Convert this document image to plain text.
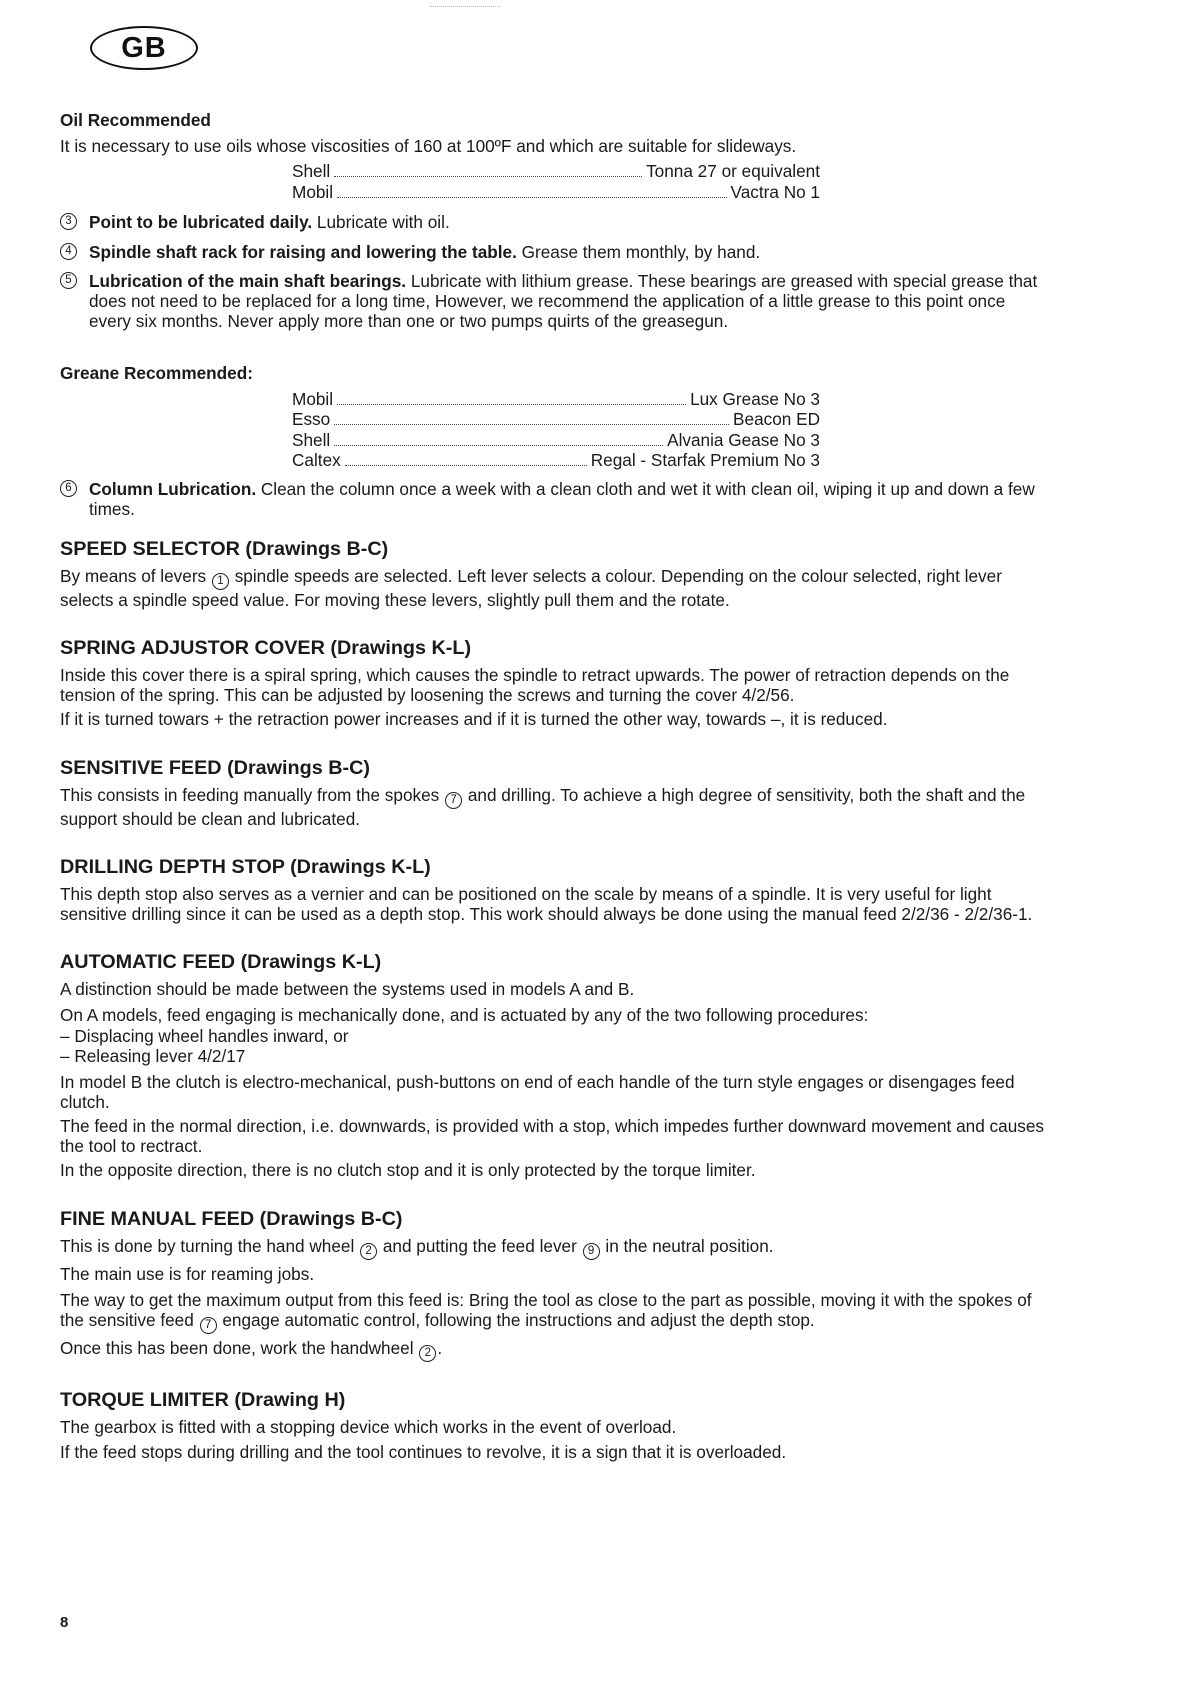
GB
Oil Recommended

It is necessary to use oils whose viscosities of 160 at 100ºF and which are suitable for slideways.

Shell	Tonna 27 or equivalent
Mobil	Vactra No 1
3	Point to be lubricated daily. Lubricate with oil.
4	Spindle shaft rack for raising and lowering the table. Grease them monthly, by hand.
5	Lubrication of the main shaft bearings. Lubricate with lithium grease. These bearings are greased with special grease that does not need to be replaced for a long time, However, we recommend the application of a little grease to this point once every six months. Never apply more than one or two pumps quirts of the greasegun.
Greane Recommended:
Mobil	Lux Grease No 3
Esso	Beacon ED
Shell	Alvania Gease No 3
Caltex	Regal - Starfak Premium No 3
6	Column Lubrication. Clean the column once a week with a clean cloth and wet it with clean oil, wiping it up and down a few times.
SPEED SELECTOR (Drawings B-C)

By means of levers 1 spindle speeds are selected. Left lever selects a colour. Depending on the colour selected, right lever selects a spindle speed value. For moving these levers, slightly pull them and the rotate.

SPRING ADJUSTOR COVER (Drawings K-L)

Inside this cover there is a spiral spring, which causes the spindle to retract upwards. The power of retraction depends on the tension of the spring. This can be adjusted by loosening the screws and turning the cover 4/2/56.

If it is turned towars + the retraction power increases and if it is turned the other way, towards –, it is reduced.

SENSITIVE FEED (Drawings B-C)

This consists in feeding manually from the spokes 7 and drilling. To achieve a high degree of sensitivity, both the shaft and the support should be clean and lubricated.

DRILLING DEPTH STOP (Drawings K-L)

This depth stop also serves as a vernier and can be positioned on the scale by means of a spindle. It is very useful for light sensitive drilling since it can be used as a depth stop. This work should always be done using the manual feed 2/2/36 - 2/2/36-1.

AUTOMATIC FEED (Drawings K-L)

A distinction should be made between the systems used in models A and B.

On A models, feed engaging is mechanically done, and is actuated by any of the two following procedures:

– Displacing wheel handles inward, or

– Releasing lever 4/2/17

In model B the clutch is electro-mechanical, push-buttons on end of each handle of the turn style engages or disengages feed clutch.

The feed in the normal direction, i.e. downwards, is provided with a stop, which impedes further downward movement and causes the tool to rectract.

In the opposite direction, there is no clutch stop and it is only protected by the torque limiter.

FINE MANUAL FEED (Drawings B-C)

This is done by turning the hand wheel 2 and putting the feed lever 9 in the neutral position.

The main use is for reaming jobs.

The way to get the maximum output from this feed is: Bring the tool as close to the part as possible, moving it with the spokes of the sensitive feed 7 engage automatic control, following the instructions and adjust the depth stop.

Once this has been done, work the handwheel 2 .

TORQUE LIMITER (Drawing H)

The gearbox is fitted with a stopping device which works in the event of overload.

If the feed stops during drilling and the tool continues to revolve, it is a sign that it is overloaded.

8
